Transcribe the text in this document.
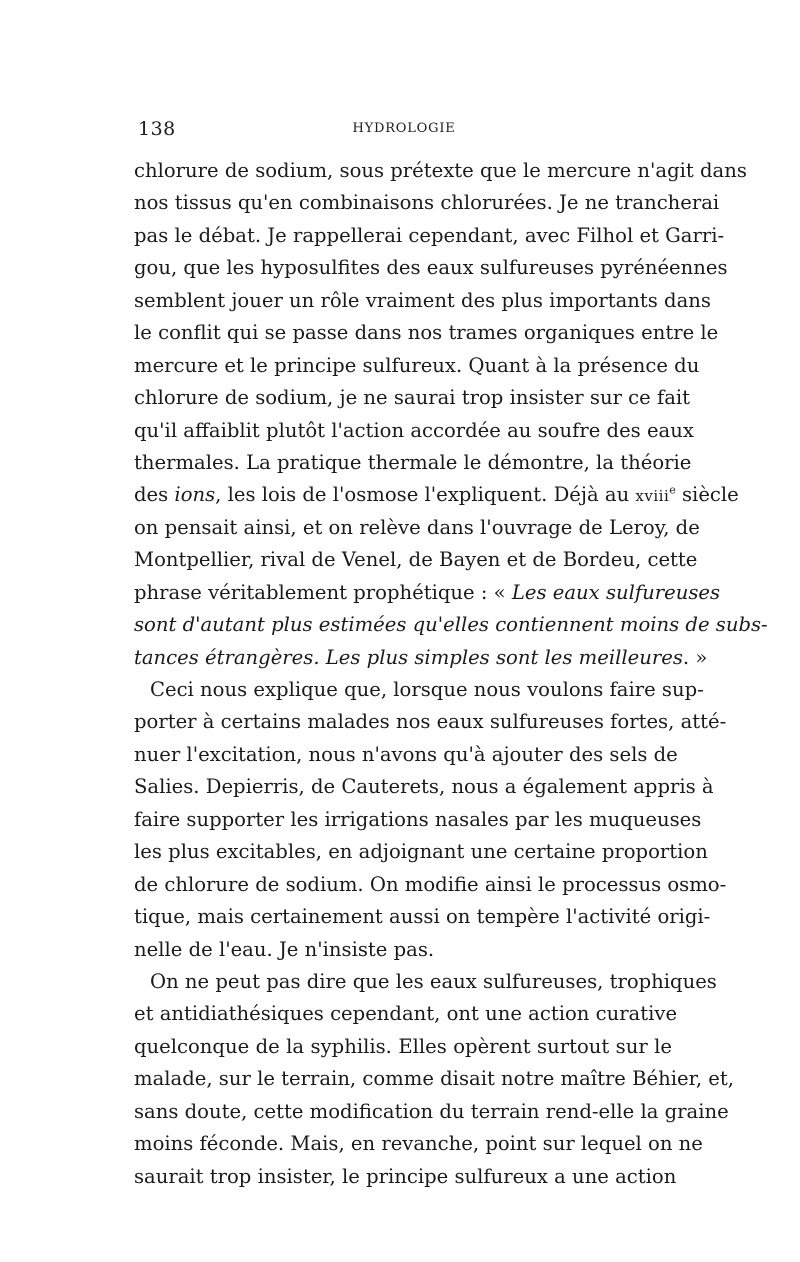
138	HYDROLOGIE
chlorure de sodium, sous prétexte que le mercure n'agit dans
nos tissus qu'en combinaisons chlorurées. Je ne trancherai
pas le débat. Je rappellerai cependant, avec Filhol et Garri-
gou, que les hyposulfites des eaux sulfureuses pyrénéennes
semblent jouer un rôle vraiment des plus importants dans
le conflit qui se passe dans nos trames organiques entre le
mercure et le principe sulfureux. Quant à la présence du
chlorure de sodium, je ne saurai trop insister sur ce fait
qu'il affaiblit plutôt l'action accordée au soufre des eaux
thermales. La pratique thermale le démontre, la théorie
des ions, les lois de l'osmose l'expliquent. Déjà au xviii$^e$ siècle
on pensait ainsi, et on relève dans l'ouvrage de Leroy, de
Montpellier, rival de Venel, de Bayen et de Bordeu, cette
phrase véritablement prophétique : « Les eaux sulfureuses
sont d'autant plus estimées qu'elles contiennent moins de subs-
tances étrangères. Les plus simples sont les meilleures. »
Ceci nous explique que, lorsque nous voulons faire sup-
porter à certains malades nos eaux sulfureuses fortes, atté-
nuer l'excitation, nous n'avons qu'à ajouter des sels de
Salies. Depierris, de Cauterets, nous a également appris à
faire supporter les irrigations nasales par les muqueuses
les plus excitables, en adjoignant une certaine proportion
de chlorure de sodium. On modifie ainsi le processus osmo-
tique, mais certainement aussi on tempère l'activité origi-
nelle de l'eau. Je n'insiste pas.
On ne peut pas dire que les eaux sulfureuses, trophiques
et antidiathésiques cependant, ont une action curative
quelconque de la syphilis. Elles opèrent surtout sur le
malade, sur le terrain, comme disait notre maître Béhier, et,
sans doute, cette modification du terrain rend-elle la graine
moins féconde. Mais, en revanche, point sur lequel on ne
saurait trop insister, le principe sulfureux a une action
